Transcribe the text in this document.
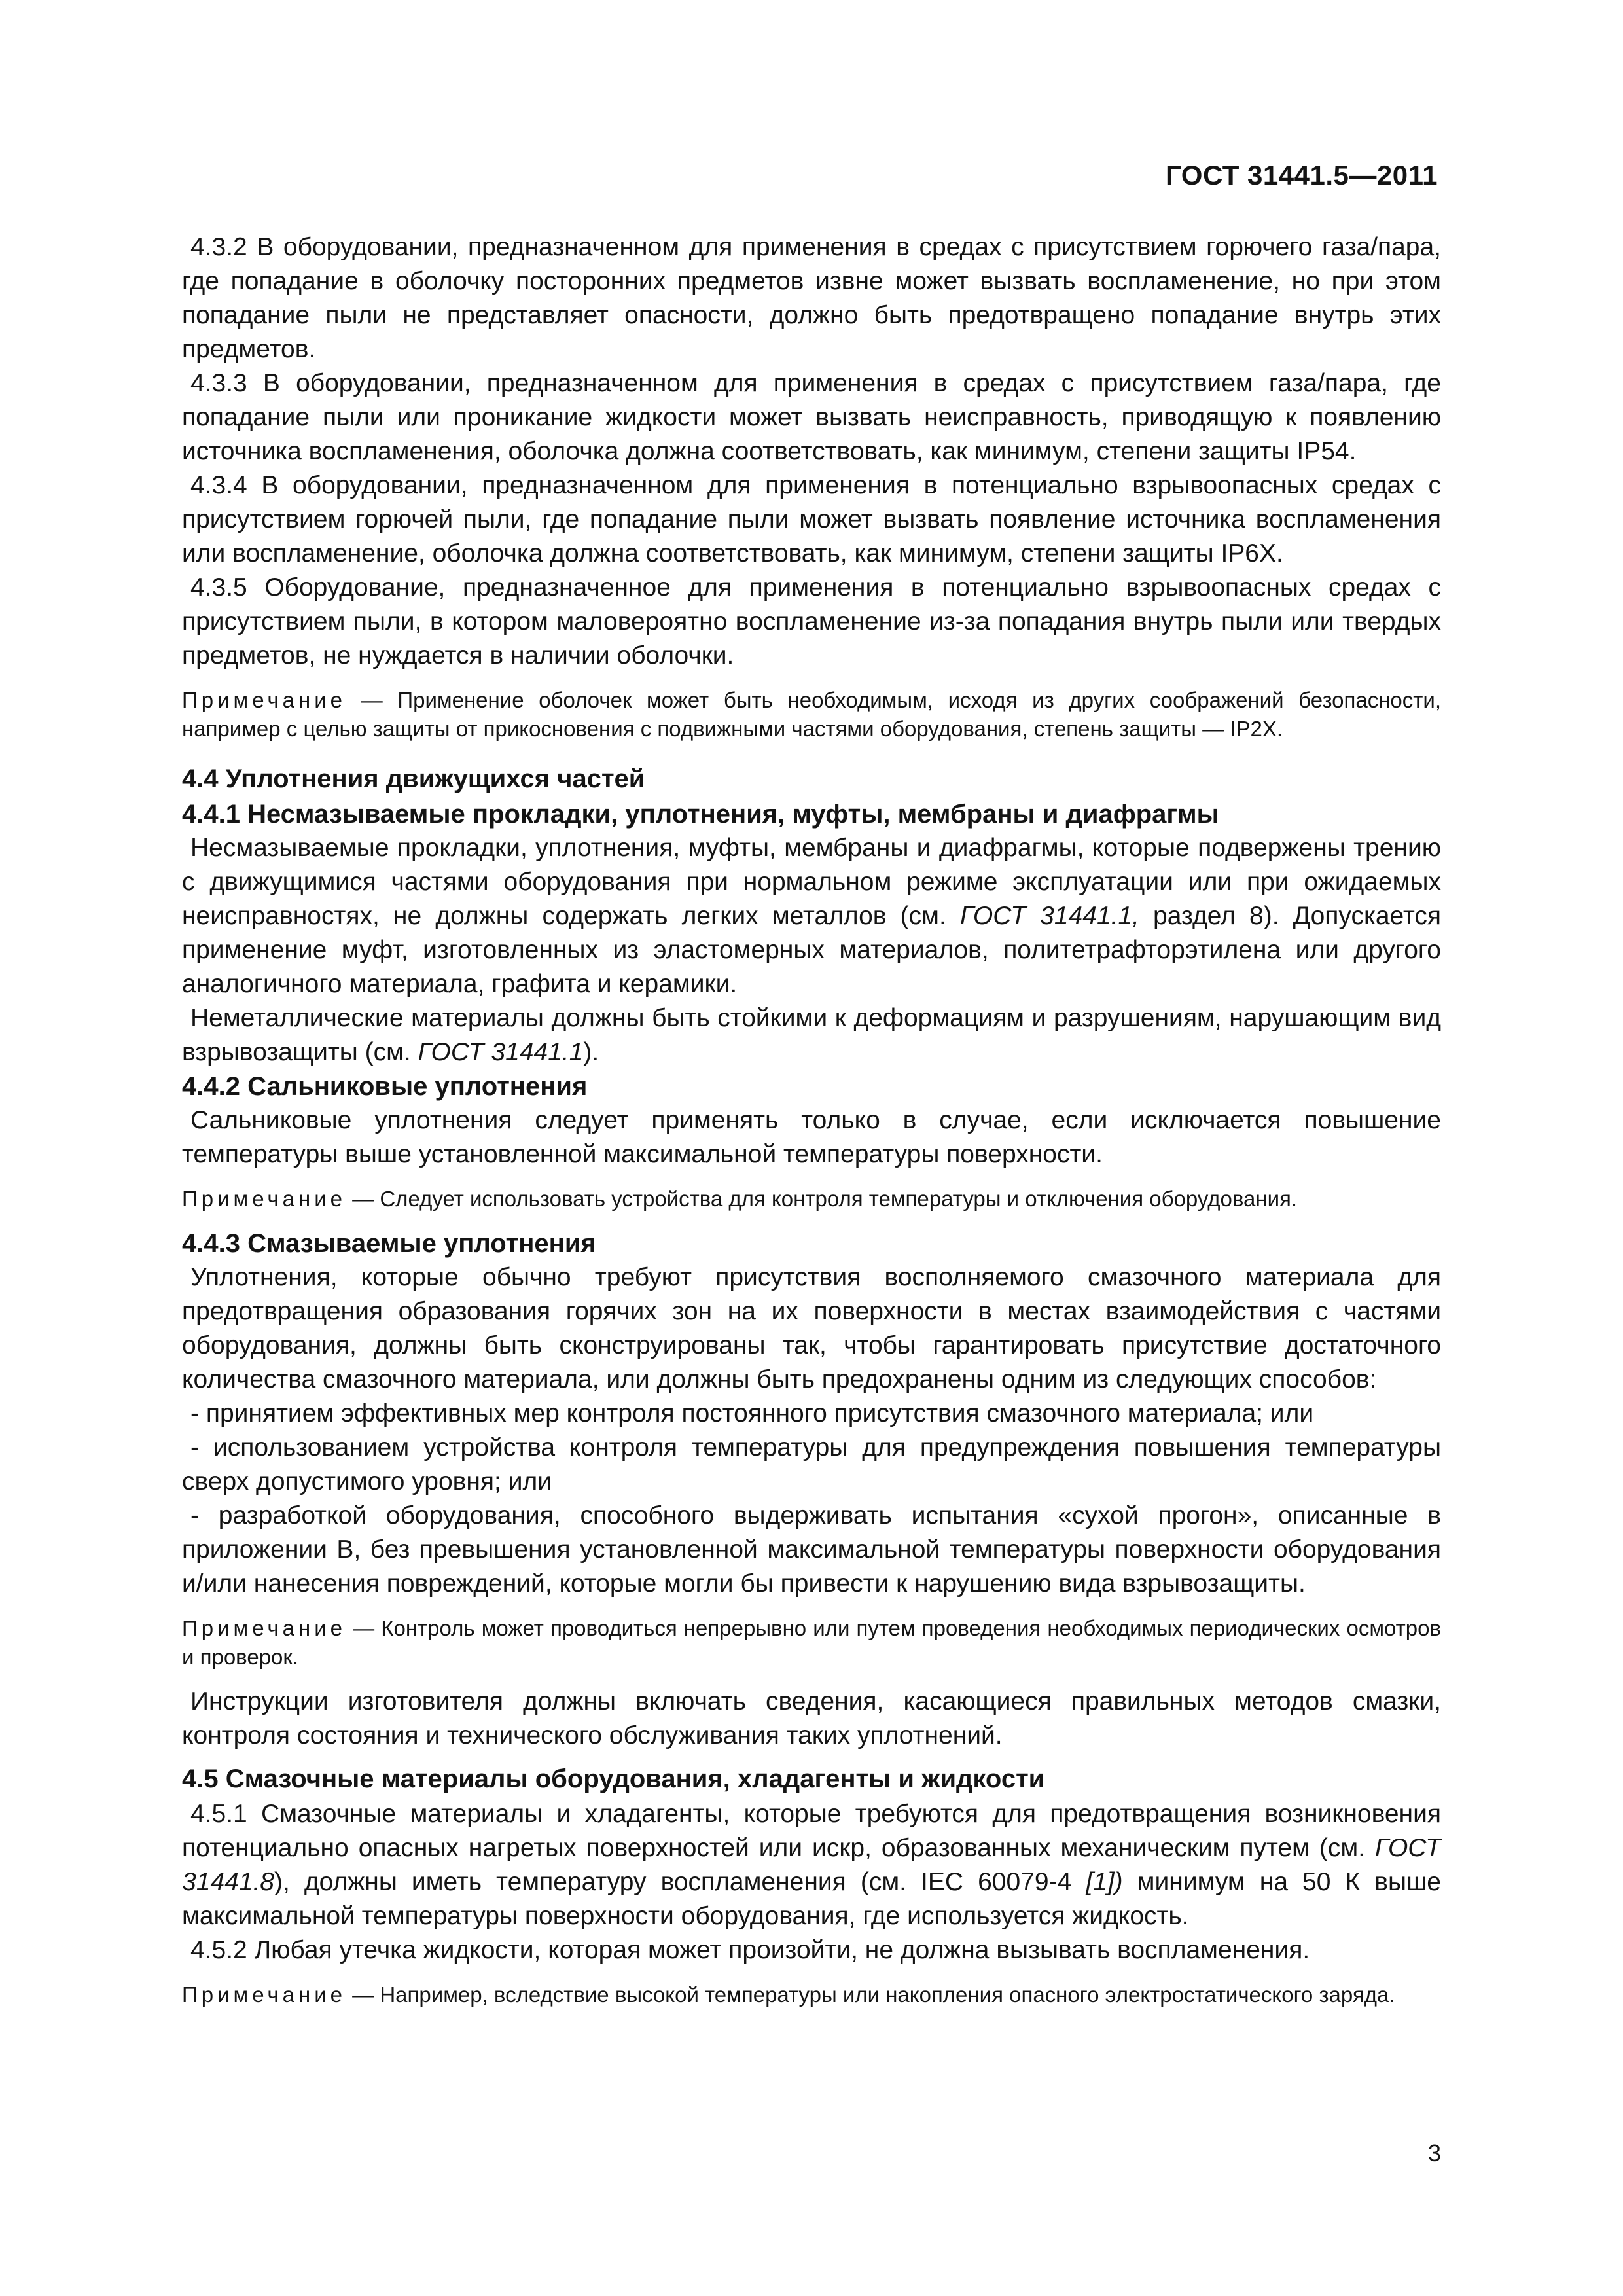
ГОСТ 31441.5—2011

4.3.2 В оборудовании, предназначенном для применения в средах с присутствием горючего газа/пара, где попадание в оболочку посторонних предметов извне может вызвать воспламенение, но при этом попадание пыли не представляет опасности, должно быть предотвращено попадание внутрь этих предметов.

4.3.3 В оборудовании, предназначенном для применения в средах с присутствием газа/пара, где попадание пыли или проникание жидкости может вызвать неисправность, приводящую к появлению источника воспламенения, оболочка должна соответствовать, как минимум, степени защиты IP54.

4.3.4 В оборудовании, предназначенном для применения в потенциально взрывоопасных средах с присутствием горючей пыли, где попадание пыли может вызвать появление источника воспламенения или воспламенение, оболочка должна соответствовать, как минимум, степени защиты IP6X.

4.3.5 Оборудование, предназначенное для применения в потенциально взрывоопасных средах с присутствием пыли, в котором маловероятно воспламенение из-за попадания внутрь пыли или твердых предметов, не нуждается в наличии оболочки.

Примечание — Применение оболочек может быть необходимым, исходя из других соображений безопасности, например с целью защиты от прикосновения с подвижными частями оборудования, степень защиты — IP2X.

4.4 Уплотнения движущихся частей

4.4.1 Несмазываемые прокладки, уплотнения, муфты, мембраны и диафрагмы

Несмазываемые прокладки, уплотнения, муфты, мембраны и диафрагмы, которые подвержены трению с движущимися частями оборудования при нормальном режиме эксплуатации или при ожидаемых неисправностях, не должны содержать легких металлов (см. ГОСТ 31441.1, раздел 8). Допускается применение муфт, изготовленных из эластомерных материалов, политетрафторэтилена или другого аналогичного материала, графита и керамики.

Неметаллические материалы должны быть стойкими к деформациям и разрушениям, нарушающим вид взрывозащиты (см. ГОСТ 31441.1).

4.4.2 Сальниковые уплотнения

Сальниковые уплотнения следует применять только в случае, если исключается повышение температуры выше установленной максимальной температуры поверхности.

Примечание — Следует использовать устройства для контроля температуры и отключения оборудования.

4.4.3 Смазываемые уплотнения

Уплотнения, которые обычно требуют присутствия восполняемого смазочного материала для предотвращения образования горячих зон на их поверхности в местах взаимодействия с частями оборудования, должны быть сконструированы так, чтобы гарантировать присутствие достаточного количества смазочного материала, или должны быть предохранены одним из следующих способов:

- принятием эффективных мер контроля постоянного присутствия смазочного материала; или

- использованием устройства контроля температуры для предупреждения повышения температуры сверх допустимого уровня; или

- разработкой оборудования, способного выдерживать испытания «сухой прогон», описанные в приложении В, без превышения установленной максимальной температуры поверхности оборудования и/или нанесения повреждений, которые могли бы привести к нарушению вида взрывозащиты.

Примечание — Контроль может проводиться непрерывно или путем проведения необходимых периодических осмотров и проверок.

Инструкции изготовителя должны включать сведения, касающиеся правильных методов смазки, контроля состояния и технического обслуживания таких уплотнений.

4.5 Смазочные материалы оборудования, хладагенты и жидкости

4.5.1 Смазочные материалы и хладагенты, которые требуются для предотвращения возникновения потенциально опасных нагретых поверхностей или искр, образованных механическим путем (см. ГОСТ 31441.8), должны иметь температуру воспламенения (см. IEC 60079-4 [1]) минимум на 50 К выше максимальной температуры поверхности оборудования, где используется жидкость.

4.5.2 Любая утечка жидкости, которая может произойти, не должна вызывать воспламенения.

Примечание — Например, вследствие высокой температуры или накопления опасного электростатического заряда.

3
